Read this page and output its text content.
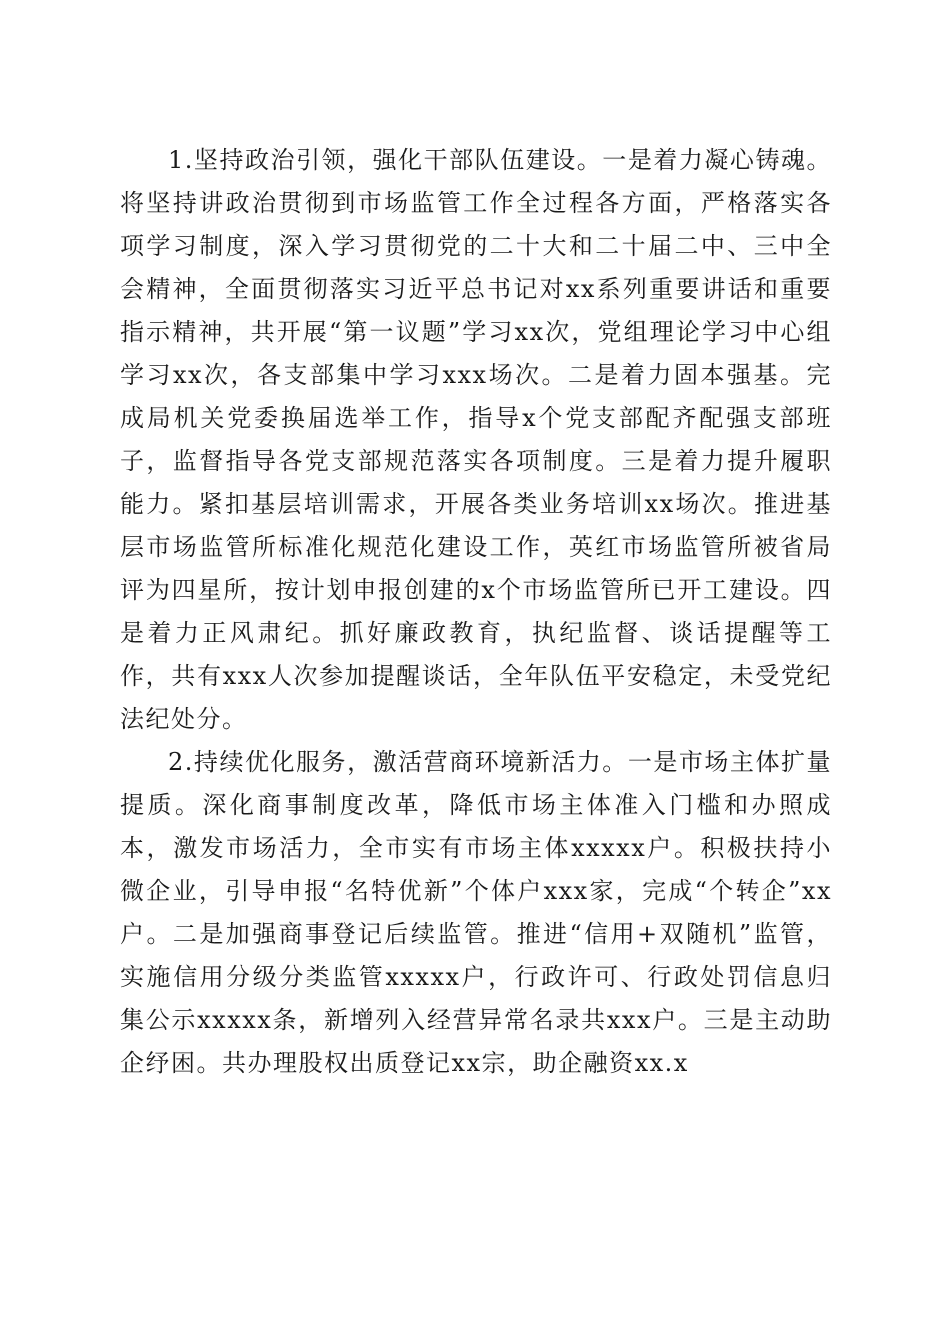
1.坚持政治引领，强化干部队伍建设。一是着力凝心铸魂。将坚持讲政治贯彻到市场监管工作全过程各方面，严格落实各项学习制度，深入学习贯彻党的二十大和二十届二中、三中全会精神，全面贯彻落实习近平总书记对xx系列重要讲话和重要指示精神，共开展“第一议题”学习xx次，党组理论学习中心组学习xx次，各支部集中学习xxx场次。二是着力固本强基。完成局机关党委换届选举工作，指导x个党支部配齐配强支部班子，监督指导各党支部规范落实各项制度。三是着力提升履职能力。紧扣基层培训需求，开展各类业务培训xx场次。推进基层市场监管所标准化规范化建设工作，英红市场监管所被省局评为四星所，按计划申报创建的x个市场监管所已开工建设。四是着力正风肃纪。抓好廉政教育，执纪监督、谈话提醒等工作，共有xxx人次参加提醒谈话，全年队伍平安稳定，未受党纪法纪处分。

2.持续优化服务，激活营商环境新活力。一是市场主体扩量提质。深化商事制度改革，降低市场主体准入门槛和办照成本，激发市场活力，全市实有市场主体xxxxx户。积极扶持小微企业，引导申报“名特优新”个体户xxx家，完成“个转企”xx户。二是加强商事登记后续监管。推进“信用+双随机”监管，实施信用分级分类监管xxxxx户，行政许可、行政处罚信息归集公示xxxxx条，新增列入经营异常名录共xxx户。三是主动助企纾困。共办理股权出质登记xx宗，助企融资xx.x
